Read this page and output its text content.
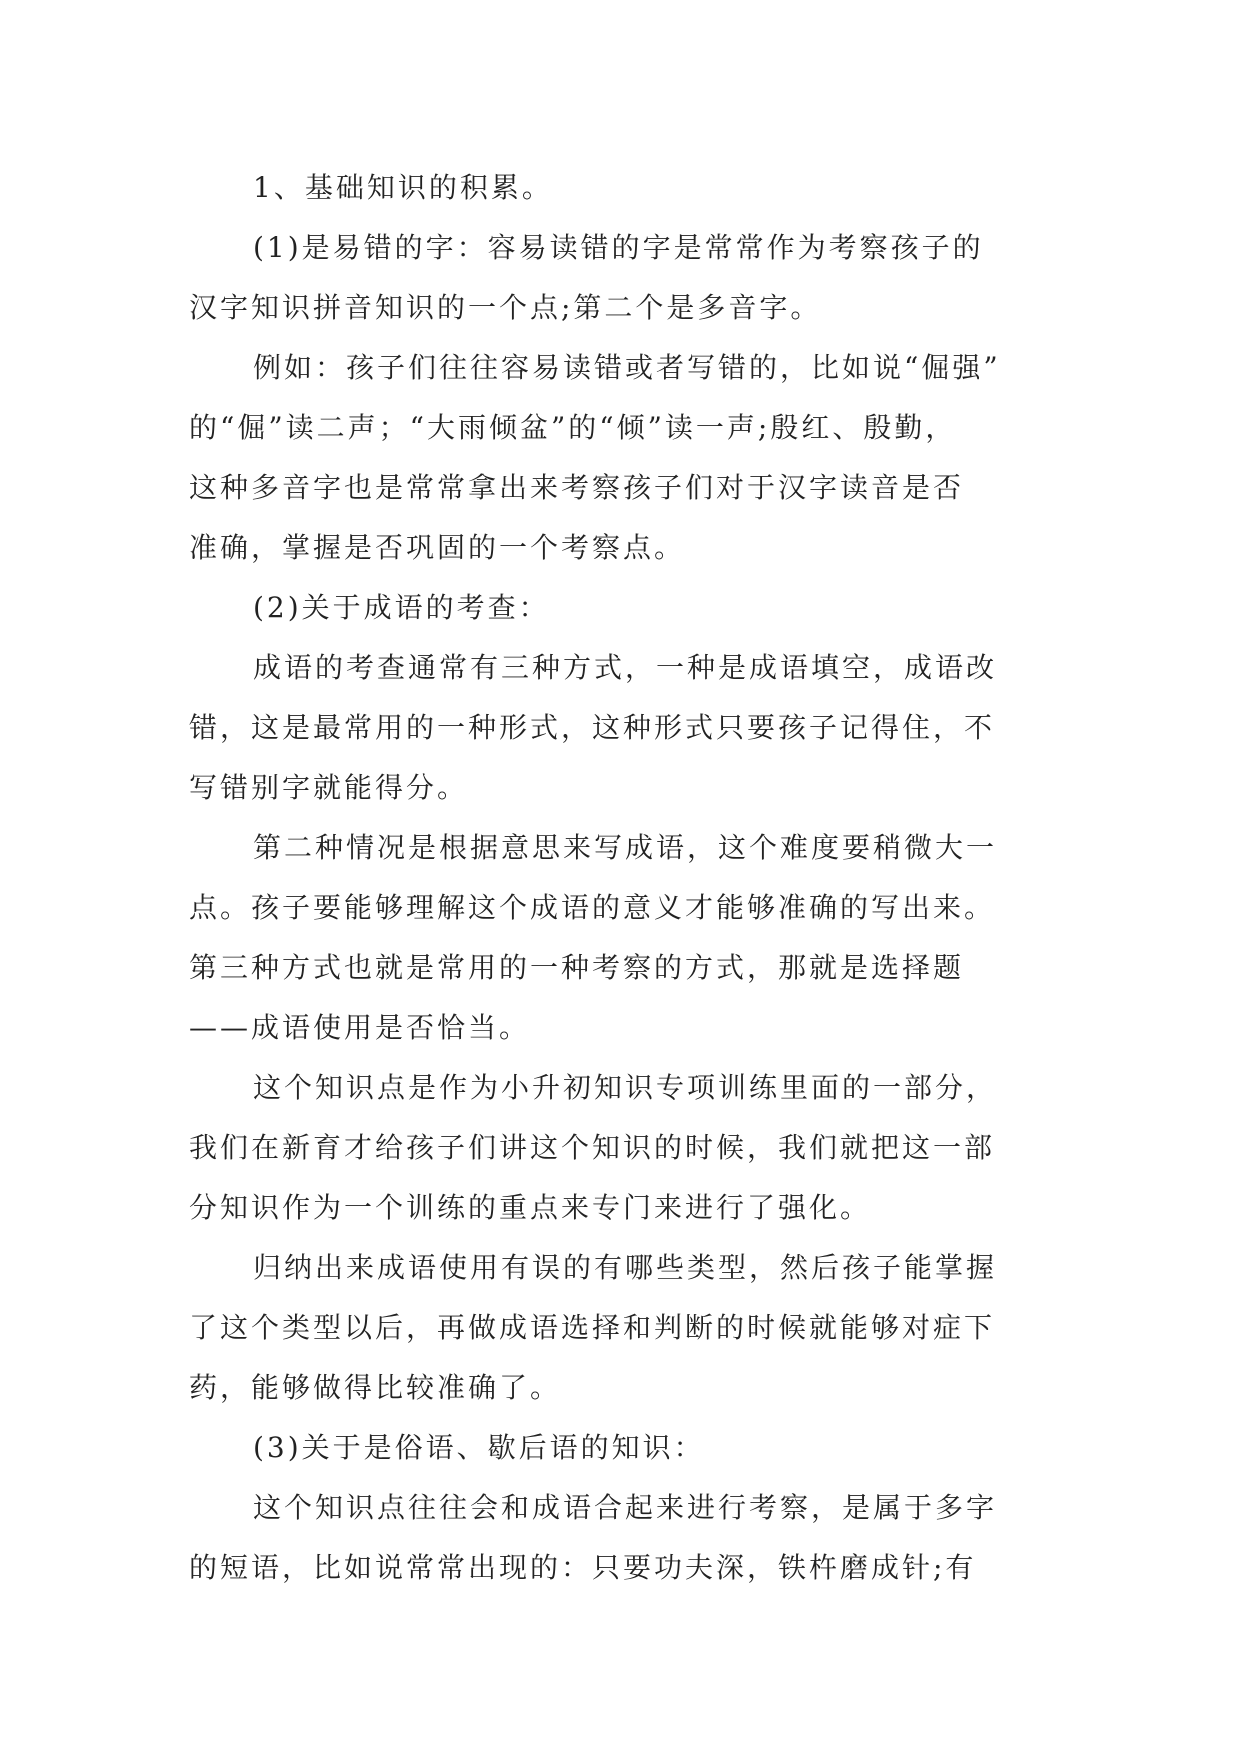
1、基础知识的积累。
(1)是易错的字：容易读错的字是常常作为考察孩子的
汉字知识拼音知识的一个点;第二个是多音字。
例如：孩子们往往容易读错或者写错的，比如说“倔强”
的“倔”读二声；“大雨倾盆”的“倾”读一声;殷红、殷勤，
这种多音字也是常常拿出来考察孩子们对于汉字读音是否
准确，掌握是否巩固的一个考察点。
(2)关于成语的考查：
成语的考查通常有三种方式，一种是成语填空，成语改
错，这是最常用的一种形式，这种形式只要孩子记得住，不
写错别字就能得分。
第二种情况是根据意思来写成语，这个难度要稍微大一
点。孩子要能够理解这个成语的意义才能够准确的写出来。
第三种方式也就是常用的一种考察的方式，那就是选择题
——成语使用是否恰当。
这个知识点是作为小升初知识专项训练里面的一部分，
我们在新育才给孩子们讲这个知识的时候，我们就把这一部
分知识作为一个训练的重点来专门来进行了强化。
归纳出来成语使用有误的有哪些类型，然后孩子能掌握
了这个类型以后，再做成语选择和判断的时候就能够对症下
药，能够做得比较准确了。
(3)关于是俗语、歇后语的知识：
这个知识点往往会和成语合起来进行考察，是属于多字
的短语，比如说常常出现的：只要功夫深，铁杵磨成针;有
